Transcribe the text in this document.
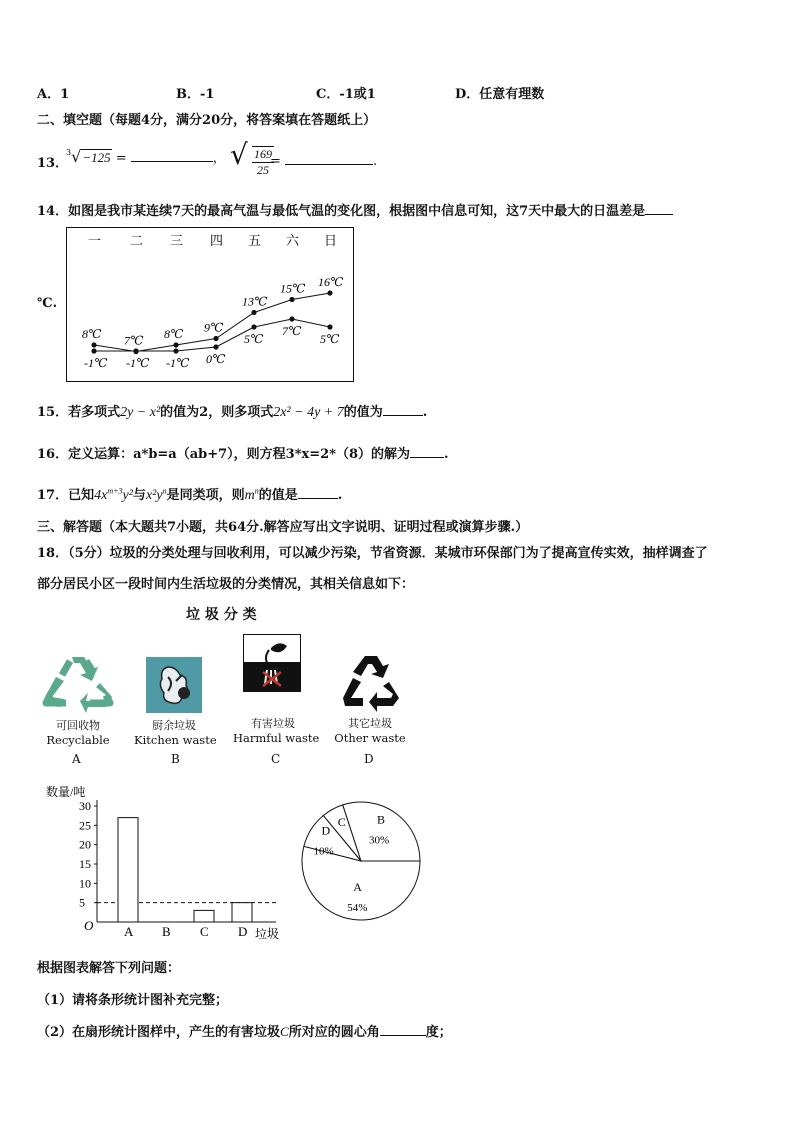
A．1	B．-1	C．-1或1	D．任意有理数
二、填空题（每题4分，满分20分，将答案填在答题纸上）
13．
$^3$√−125 =	， √ $\frac{169}{25}$
=	.
14．如图是我市某连续7天的最高气温与最低气温的变化图，根据图中信息可知，这7天中最大的日温差是
℃.
一 二 三 四 五 六 日
8℃ 7℃ 8℃ 9℃
13℃
15℃ 16℃
-1℃ -1℃ -1℃ 0℃
5℃
7℃
5℃
15．若多项式2y − x²的值为2，则多项式2x² − 4y + 7的值为	.
16．定义运算：a*b=a（ab+7），则方程3*x=2*（8）的解为	.
17．已知$4x^{m+3}y^2$与$x^2y^n$是同类项，则$m^n$的值是	.
三、解答题（本大题共7小题，共64分.解答应写出文字说明、证明过程或演算步骤.）
18．（5分）垃圾的分类处理与回收利用，可以减少污染，节省资源．某城市环保部门为了提高宣传实效，抽样调查了
部分居民小区一段时间内生活垃圾的分类情况，其相关信息如下：
垃 圾 分 类
可回收物
Recyclable
A
厨余垃圾
Kitchen waste
B
有害垃圾
Harmful waste
C
其它垃圾
Other waste
D
5
10
15
20
25
30
A B C D
数量/吨
垃圾
O
A
54%
B
30%
C
D
10%
根据图表解答下列问题：
（1）请将条形统计图补充完整；
（2）在扇形统计图样中，产生的有害垃圾C所对应的圆心角	度；
